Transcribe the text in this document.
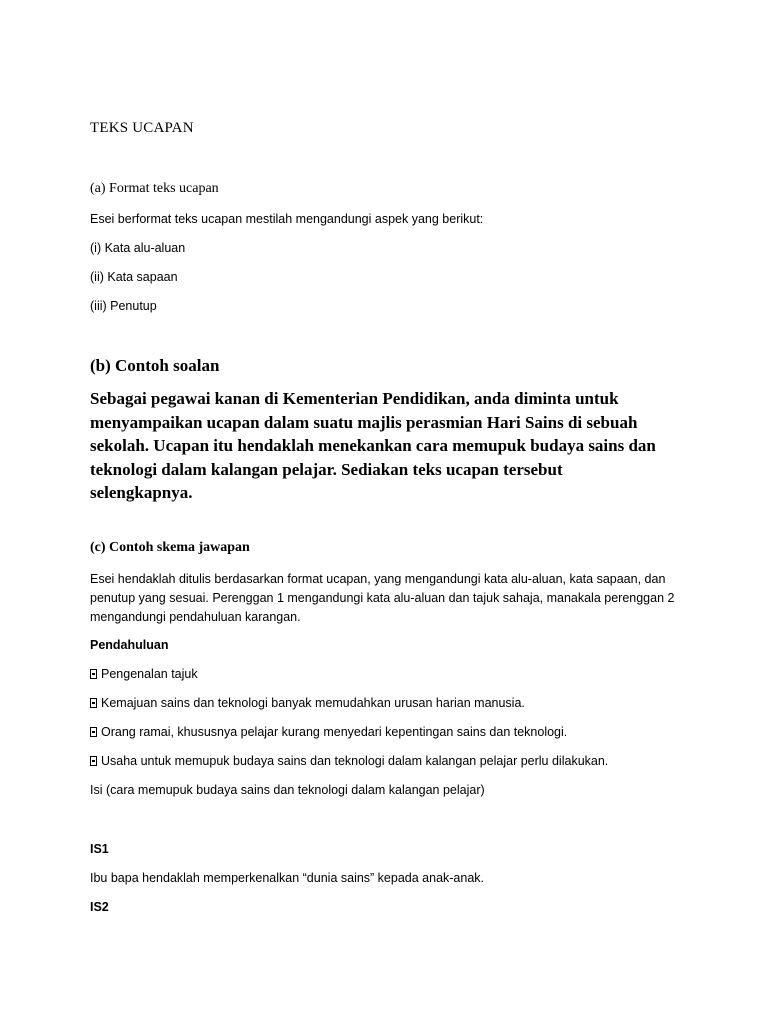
TEKS UCAPAN
(a) Format teks ucapan
Esei berformat teks ucapan mestilah mengandungi aspek yang berikut:
(i) Kata alu-aluan
(ii) Kata sapaan
(iii) Penutup
(b) Contoh soalan
Sebagai pegawai kanan di Kementerian Pendidikan, anda diminta untuk
menyampaikan ucapan dalam suatu majlis perasmian Hari Sains di sebuah
sekolah. Ucapan itu hendaklah menekankan cara memupuk budaya sains dan
teknologi dalam kalangan pelajar. Sediakan teks ucapan tersebut
selengkapnya.
(c) Contoh skema jawapan
Esei hendaklah ditulis berdasarkan format ucapan, yang mengandungi kata alu-aluan, kata sapaan, dan
penutup yang sesuai. Perenggan 1 mengandungi kata alu-aluan dan tajuk sahaja, manakala perenggan 2
mengandungi pendahuluan karangan.
Pendahuluan
Pengenalan tajuk
Kemajuan sains dan teknologi banyak memudahkan urusan harian manusia.
Orang ramai, khususnya pelajar kurang menyedari kepentingan sains dan teknologi.
Usaha untuk memupuk budaya sains dan teknologi dalam kalangan pelajar perlu dilakukan.
Isi (cara memupuk budaya sains dan teknologi dalam kalangan pelajar)
IS1
Ibu bapa hendaklah memperkenalkan “dunia sains” kepada anak-anak.
IS2
